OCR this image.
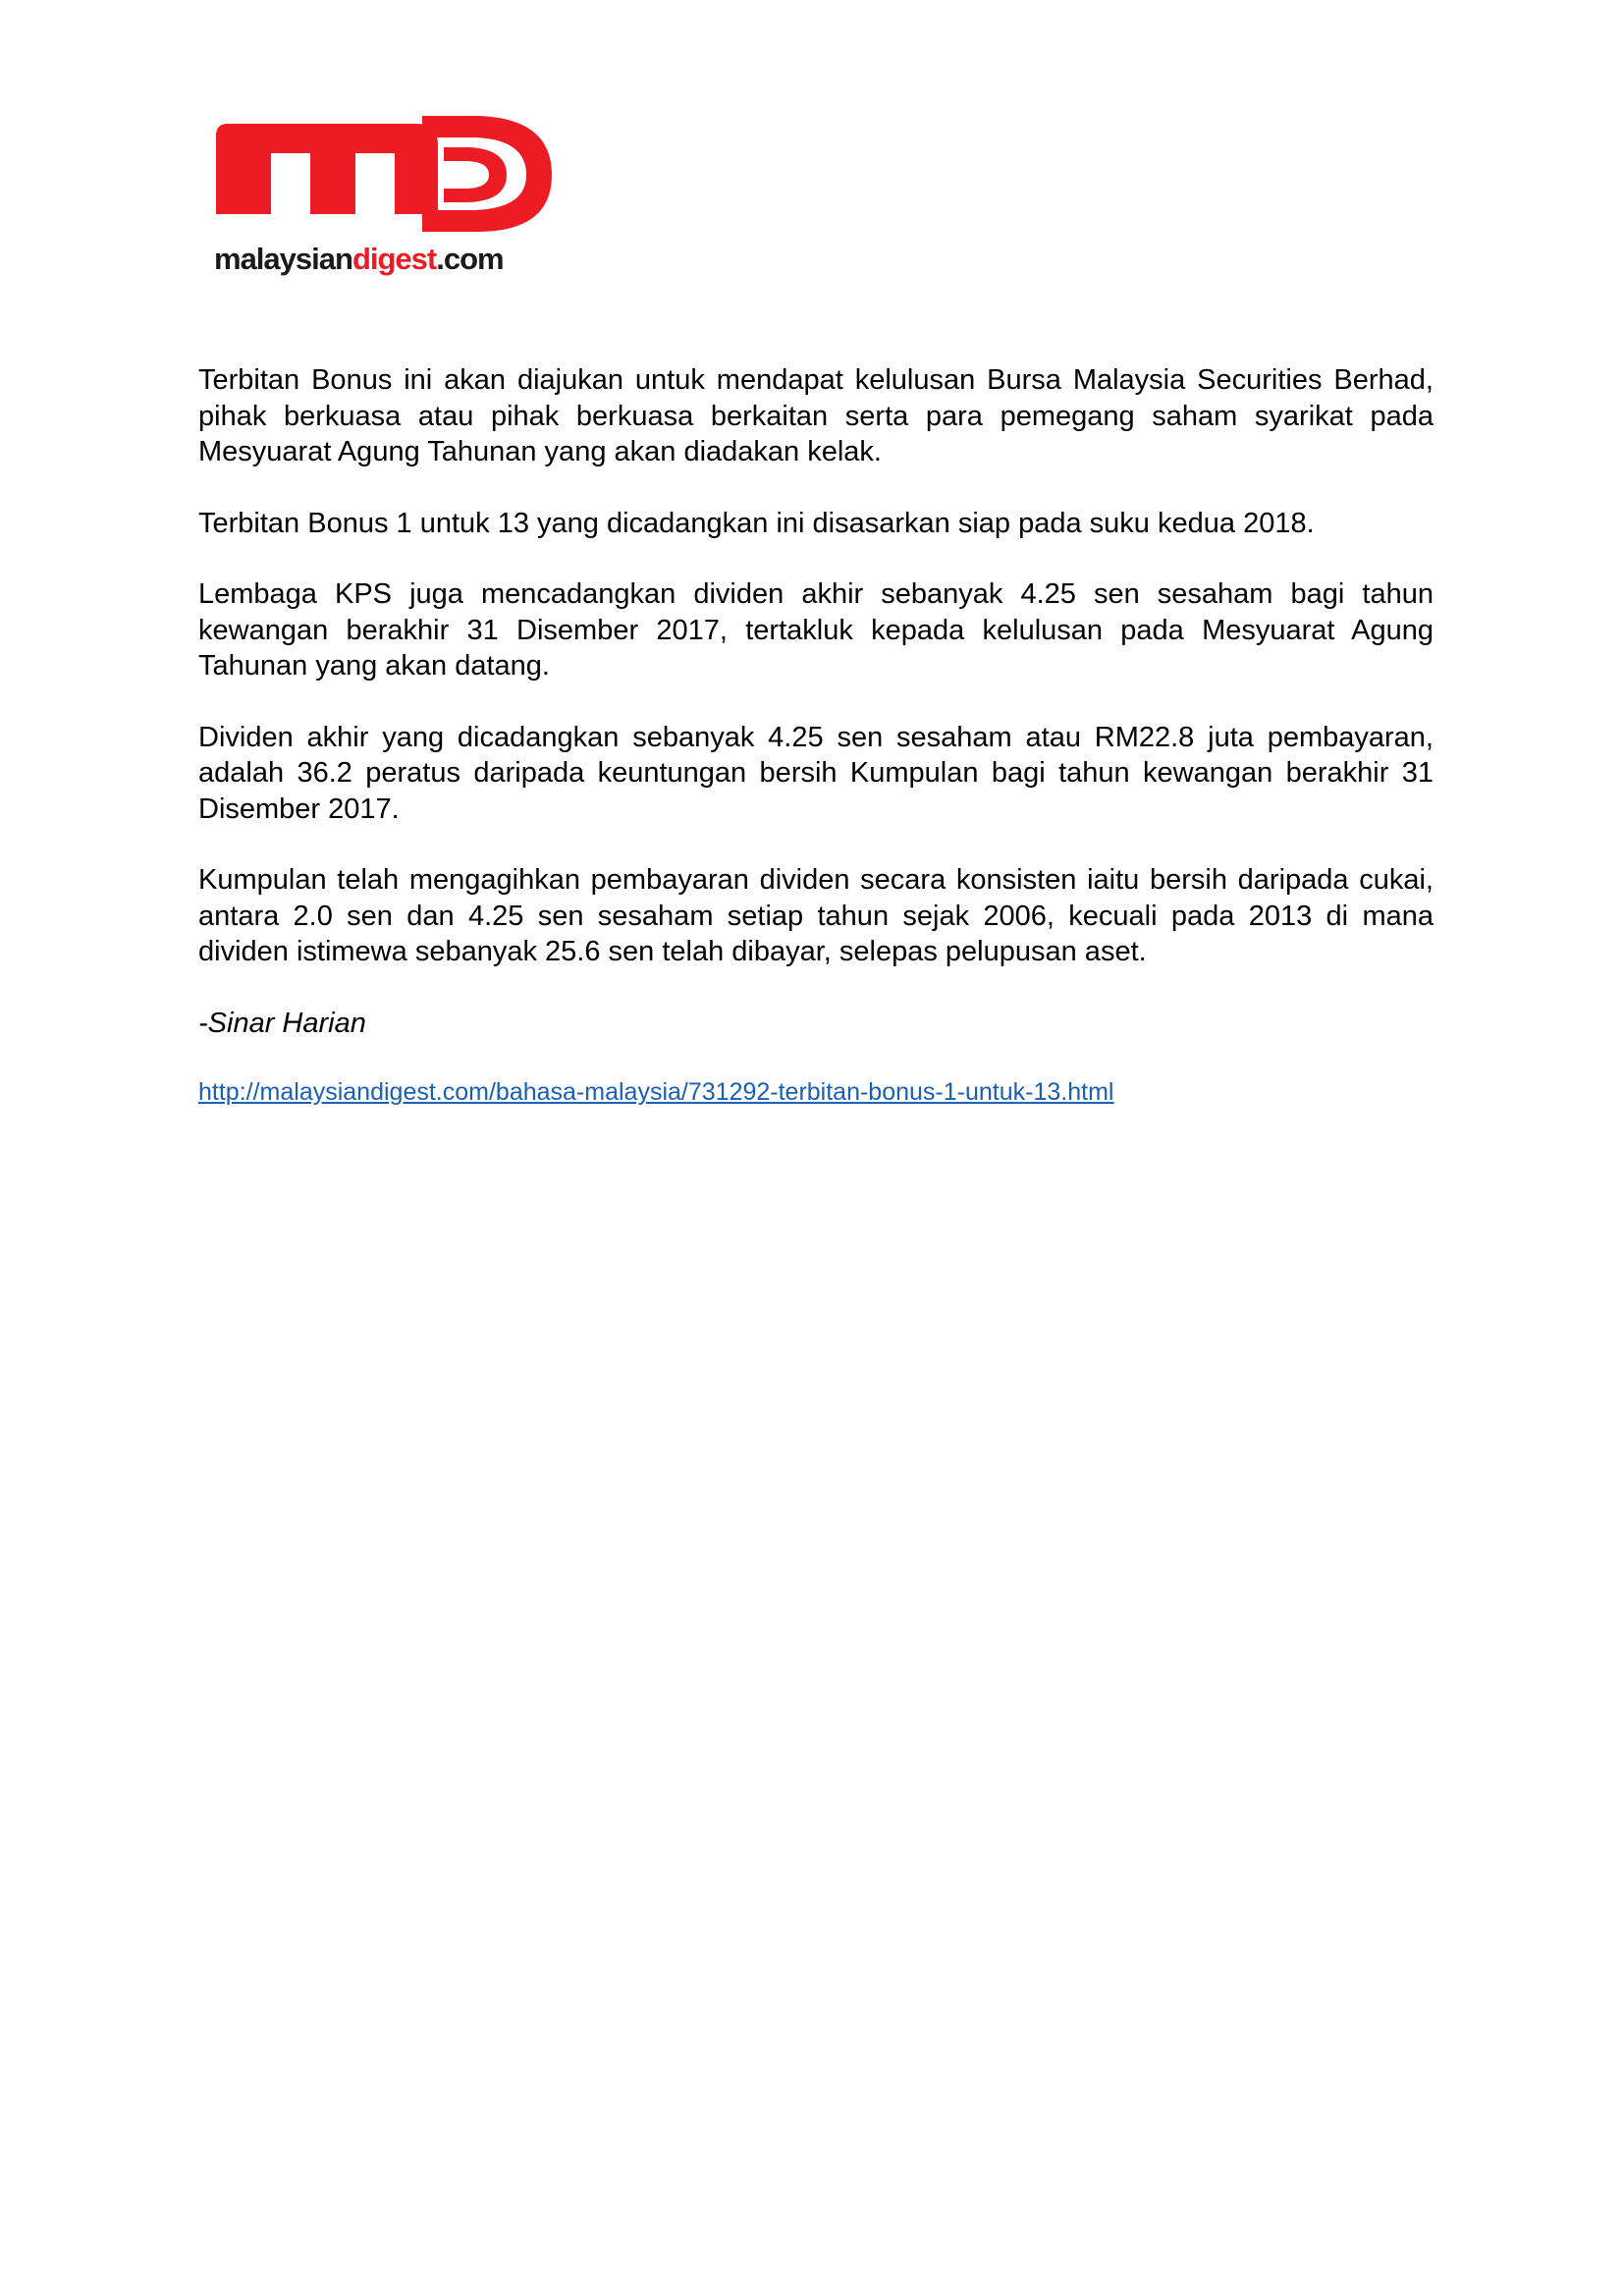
malaysiandigest.com

Terbitan Bonus ini akan diajukan untuk mendapat kelulusan Bursa Malaysia Securities Berhad, pihak berkuasa atau pihak berkuasa berkaitan serta para pemegang saham syarikat pada Mesyuarat Agung Tahunan yang akan diadakan kelak.

Terbitan Bonus 1 untuk 13 yang dicadangkan ini disasarkan siap pada suku kedua 2018.

Lembaga KPS juga mencadangkan dividen akhir sebanyak 4.25 sen sesaham bagi tahun kewangan berakhir 31 Disember 2017, tertakluk kepada kelulusan pada Mesyuarat Agung Tahunan yang akan datang.

Dividen akhir yang dicadangkan sebanyak 4.25 sen sesaham atau RM22.8 juta pembayaran, adalah 36.2 peratus daripada keuntungan bersih Kumpulan bagi tahun kewangan berakhir 31 Disember 2017.

Kumpulan telah mengagihkan pembayaran dividen secara konsisten iaitu bersih daripada cukai, antara 2.0 sen dan 4.25 sen sesaham setiap tahun sejak 2006, kecuali pada 2013 di mana dividen istimewa sebanyak 25.6 sen telah dibayar, selepas pelupusan aset.

-Sinar Harian

http://malaysiandigest.com/bahasa-malaysia/731292-terbitan-bonus-1-untuk-13.html
